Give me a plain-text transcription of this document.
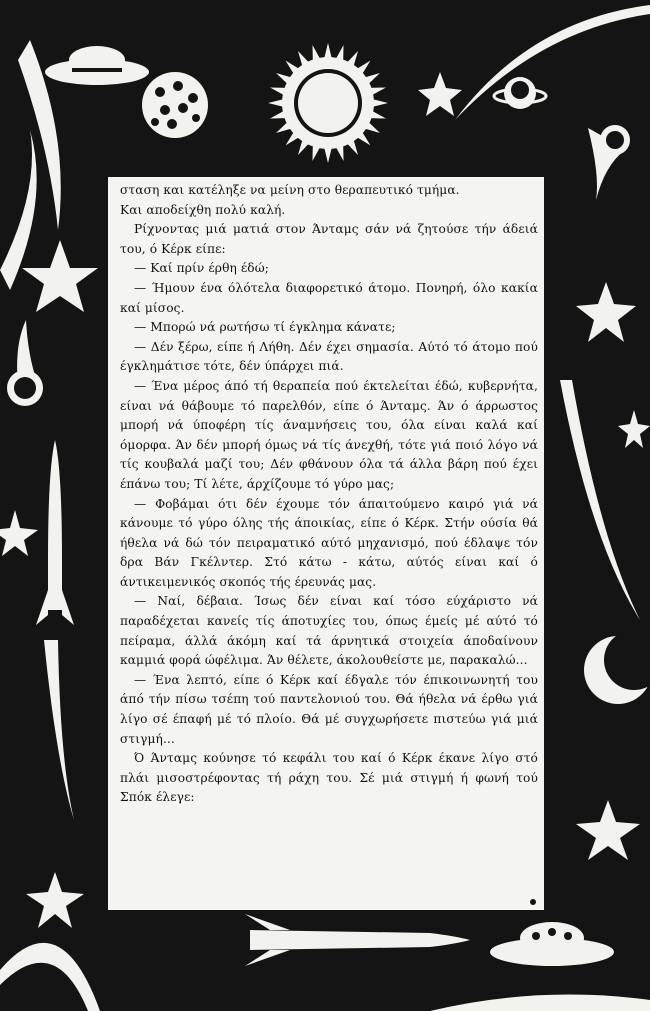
σταση και κατέληξε να μείνη στο θεραπευτικό τμήμα.

Και αποδείχθη πολύ καλή.

Ρίχνοντας μιά ματιά στον Άνταμς σάν νά ζητούσε τήν άδειά του, ό Κέρκ είπε:

— Καί πρίν έρθη έδώ;

— Ήμουν ένα όλότελα διαφορετικό άτομο. Πονηρή, όλο κακία καί μίσος.

— Μπορώ νά ρωτήσω τί έγκλημα κάνατε;

— Δέν ξέρω, είπε ή Λήθη. Δέν έχει σημασία. Αύτό τό άτομο πού έγκλημάτισε τότε, δέν ύπάρχει πιά.

— Ένα μέρος άπό τή θεραπεία πού έκτελείται έδώ, κυβερνήτα, είναι νά θάβουμε τό παρελθόν, είπε ό Άνταμς. Άν ό άρρωστος μπορή νά ύποφέρη τίς άναμνήσεις του, όλα είναι καλά καί όμορφα. Άν δέν μπορή όμως νά τίς άνεχθή, τότε γιά ποιό λόγο νά τίς κουβαλά μαζί του; Δέν φθάνουν όλα τά άλλα βάρη πού έχει έπάνω του; Τί λέτε, άρχίζουμε τό γύρο μας;

— Φοβάμαι ότι δέν έχουμε τόν άπαιτούμενο καιρό γιά νά κάνουμε τό γύρο όλης τής άποικίας, είπε ό Κέρκ. Στήν ούσία θά ήθελα νά δώ τόν πειραματικό αύτό μηχανισμό, πού έδλαψε τόν δρα Βάν Γκέλντερ. Στό κάτω - κάτω, αύτός είναι καί ό άντικειμενικός σκοπός τής έρευνάς μας.

— Ναί, δέβαια. Ίσως δέν είναι καί τόσο εύχάριστο νά παραδέχεται κανείς τίς άποτυχίες του, όπως έμείς μέ αύτό τό πείραμα, άλλά άκόμη καί τά άρνητικά στοιχεία άποδαίνουν καμμιά φορά ώφέλιμα. Άν θέλετε, άκολουθείστε με, παρακαλώ...

— Ένα λεπτό, είπε ό Κέρκ καί έδγαλε τόν έπικοινωνητή του άπό τήν πίσω τσέπη τού παντελονιού του. Θά ήθελα νά έρθω γιά λίγο σέ έπαφή μέ τό πλοίο. Θά μέ συγχωρήσετε πιστεύω γιά μιά στιγμή...

Ό Άνταμς κούνησε τό κεφάλι του καί ό Κέρκ έκανε λίγο στό πλάι μισοστρέφοντας τή ράχη του. Σέ μιά στιγμή ή φωνή τού Σπόκ έλεγε:
